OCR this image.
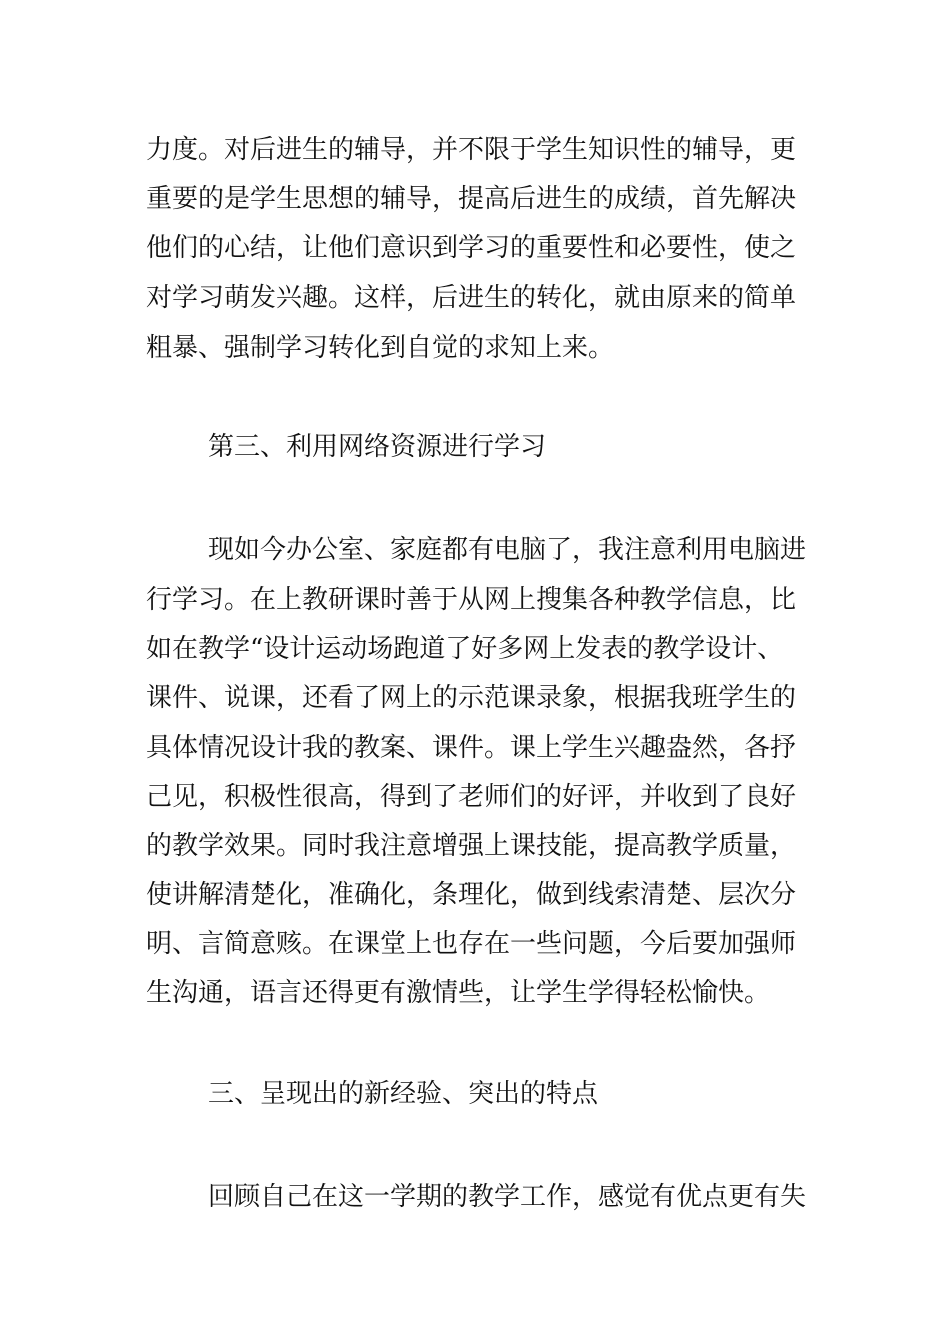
力度。对后进生的辅导，并不限于学生知识性的辅导，更
重要的是学生思想的辅导，提高后进生的成绩，首先解决
他们的心结，让他们意识到学习的重要性和必要性，使之
对学习萌发兴趣。这样，后进生的转化，就由原来的简单
粗暴、强制学习转化到自觉的求知上来。
第三、利用网络资源进行学习
现如今办公室、家庭都有电脑了，我注意利用电脑进
行学习。在上教研课时善于从网上搜集各种教学信息，比
如在教学“设计运动场跑道了好多网上发表的教学设计、
课件、说课，还看了网上的示范课录象，根据我班学生的
具体情况设计我的教案、课件。课上学生兴趣盎然，各抒
己见，积极性很高，得到了老师们的好评，并收到了良好
的教学效果。同时我注意增强上课技能，提高教学质量，
使讲解清楚化，准确化，条理化，做到线索清楚、层次分
明、言简意赅。在课堂上也存在一些问题，今后要加强师
生沟通，语言还得更有激情些，让学生学得轻松愉快。
三、呈现出的新经验、突出的特点
回顾自己在这一学期的教学工作，感觉有优点更有失
